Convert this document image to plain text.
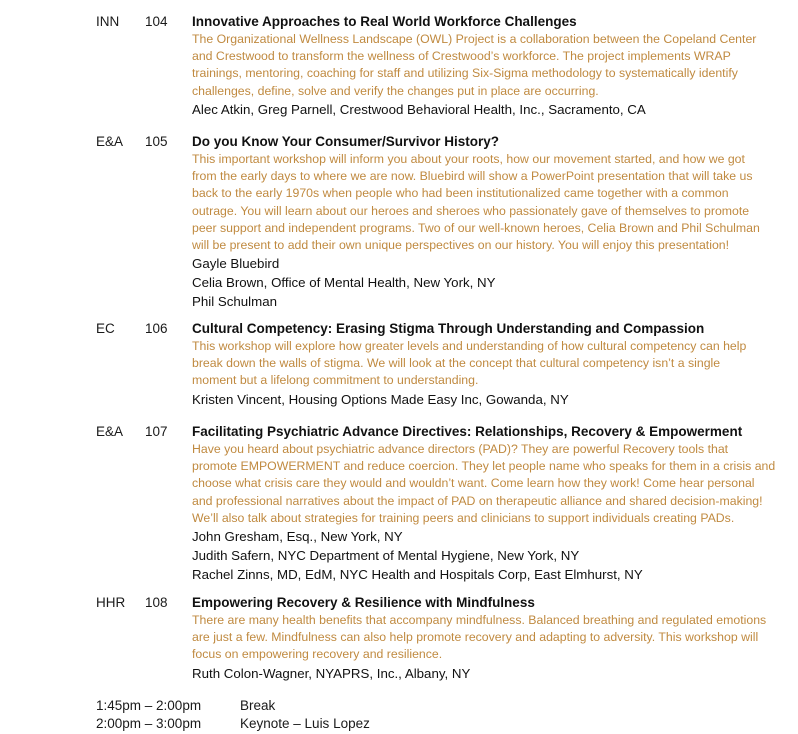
INN 104 Innovative Approaches to Real World Workforce Challenges
The Organizational Wellness Landscape (OWL) Project is a collaboration between the Copeland Center
and Crestwood to transform the wellness of Crestwood’s workforce. The project implements WRAP
trainings, mentoring, coaching for staff and utilizing Six-Sigma methodology to systematically identify
challenges, define, solve and verify the changes put in place are occurring.
Alec Atkin, Greg Parnell, Crestwood Behavioral Health, Inc., Sacramento, CA
E&A 105 Do you Know Your Consumer/Survivor History?
This important workshop will inform you about your roots, how our movement started, and how we got
from the early days to where we are now. Bluebird will show a PowerPoint presentation that will take us
back to the early 1970s when people who had been institutionalized came together with a common
outrage. You will learn about our heroes and sheroes who passionately gave of themselves to promote
peer support and independent programs. Two of our well-known heroes, Celia Brown and Phil Schulman
will be present to add their own unique perspectives on our history. You will enjoy this presentation!
Gayle Bluebird
Celia Brown, Office of Mental Health, New York, NY
Phil Schulman
EC 106 Cultural Competency: Erasing Stigma Through Understanding and Compassion
This workshop will explore how greater levels and understanding of how cultural competency can help
break down the walls of stigma. We will look at the concept that cultural competency isn’t a single
moment but a lifelong commitment to understanding.
Kristen Vincent, Housing Options Made Easy Inc, Gowanda, NY
E&A 107 Facilitating Psychiatric Advance Directives: Relationships, Recovery & Empowerment
Have you heard about psychiatric advance directors (PAD)? They are powerful Recovery tools that
promote EMPOWERMENT and reduce coercion. They let people name who speaks for them in a crisis and
choose what crisis care they would and wouldn’t want. Come learn how they work! Come hear personal
and professional narratives about the impact of PAD on therapeutic alliance and shared decision-making!
We’ll also talk about strategies for training peers and clinicians to support individuals creating PADs.
John Gresham, Esq., New York, NY
Judith Safern, NYC Department of Mental Hygiene, New York, NY
Rachel Zinns, MD, EdM, NYC Health and Hospitals Corp, East Elmhurst, NY
HHR 108 Empowering Recovery & Resilience with Mindfulness
There are many health benefits that accompany mindfulness. Balanced breathing and regulated emotions
are just a few. Mindfulness can also help promote recovery and adapting to adversity. This workshop will
focus on empowering recovery and resilience.
Ruth Colon-Wagner, NYAPRS, Inc., Albany, NY
1:45pm – 2:00pm	Break
2:00pm – 3:00pm	Keynote – Luis Lopez
